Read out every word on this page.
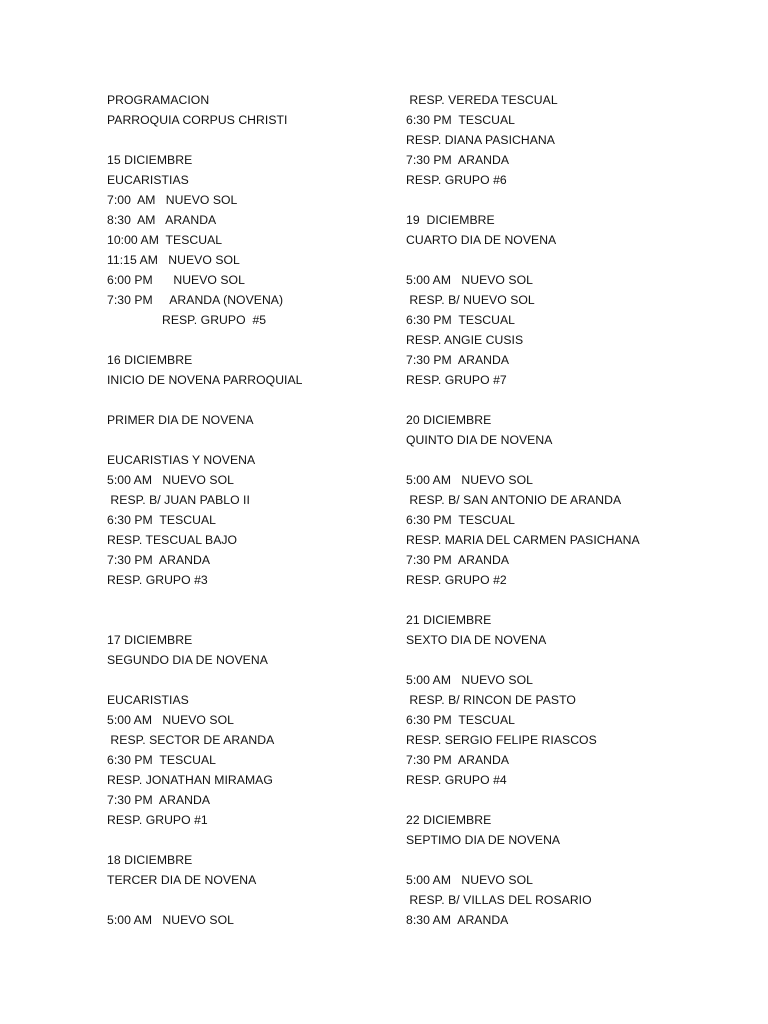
PROGRAMACION
PARROQUIA CORPUS CHRISTI
15 DICIEMBRE
EUCARISTIAS
7:00  AM   NUEVO SOL
8:30  AM   ARANDA
10:00 AM  TESCUAL
11:15 AM   NUEVO SOL
6:00 PM      NUEVO SOL
7:30 PM     ARANDA (NOVENA)
RESP. GRUPO  #5
16 DICIEMBRE
INICIO DE NOVENA PARROQUIAL
PRIMER DIA DE NOVENA
EUCARISTIAS Y NOVENA
5:00 AM   NUEVO SOL
RESP. B/ JUAN PABLO II
6:30 PM  TESCUAL
RESP. TESCUAL BAJO
7:30 PM  ARANDA
RESP. GRUPO #3
17 DICIEMBRE
SEGUNDO DIA DE NOVENA
EUCARISTIAS
5:00 AM   NUEVO SOL
RESP. SECTOR DE ARANDA
6:30 PM  TESCUAL
RESP. JONATHAN MIRAMAG
7:30 PM  ARANDA
RESP. GRUPO #1
18 DICIEMBRE
TERCER DIA DE NOVENA
5:00 AM   NUEVO SOL
RESP. VEREDA TESCUAL
6:30 PM  TESCUAL
RESP. DIANA PASICHANA
7:30 PM  ARANDA
RESP. GRUPO #6
19  DICIEMBRE
CUARTO DIA DE NOVENA
5:00 AM   NUEVO SOL
RESP. B/ NUEVO SOL
6:30 PM  TESCUAL
RESP. ANGIE CUSIS
7:30 PM  ARANDA
RESP. GRUPO #7
20 DICIEMBRE
QUINTO DIA DE NOVENA
5:00 AM   NUEVO SOL
RESP. B/ SAN ANTONIO DE ARANDA
6:30 PM  TESCUAL
RESP. MARIA DEL CARMEN PASICHANA
7:30 PM  ARANDA
RESP. GRUPO #2
21 DICIEMBRE
SEXTO DIA DE NOVENA
5:00 AM   NUEVO SOL
RESP. B/ RINCON DE PASTO
6:30 PM  TESCUAL
RESP. SERGIO FELIPE RIASCOS
7:30 PM  ARANDA
RESP. GRUPO #4
22 DICIEMBRE
SEPTIMO DIA DE NOVENA
5:00 AM   NUEVO SOL
RESP. B/ VILLAS DEL ROSARIO
8:30 AM  ARANDA
